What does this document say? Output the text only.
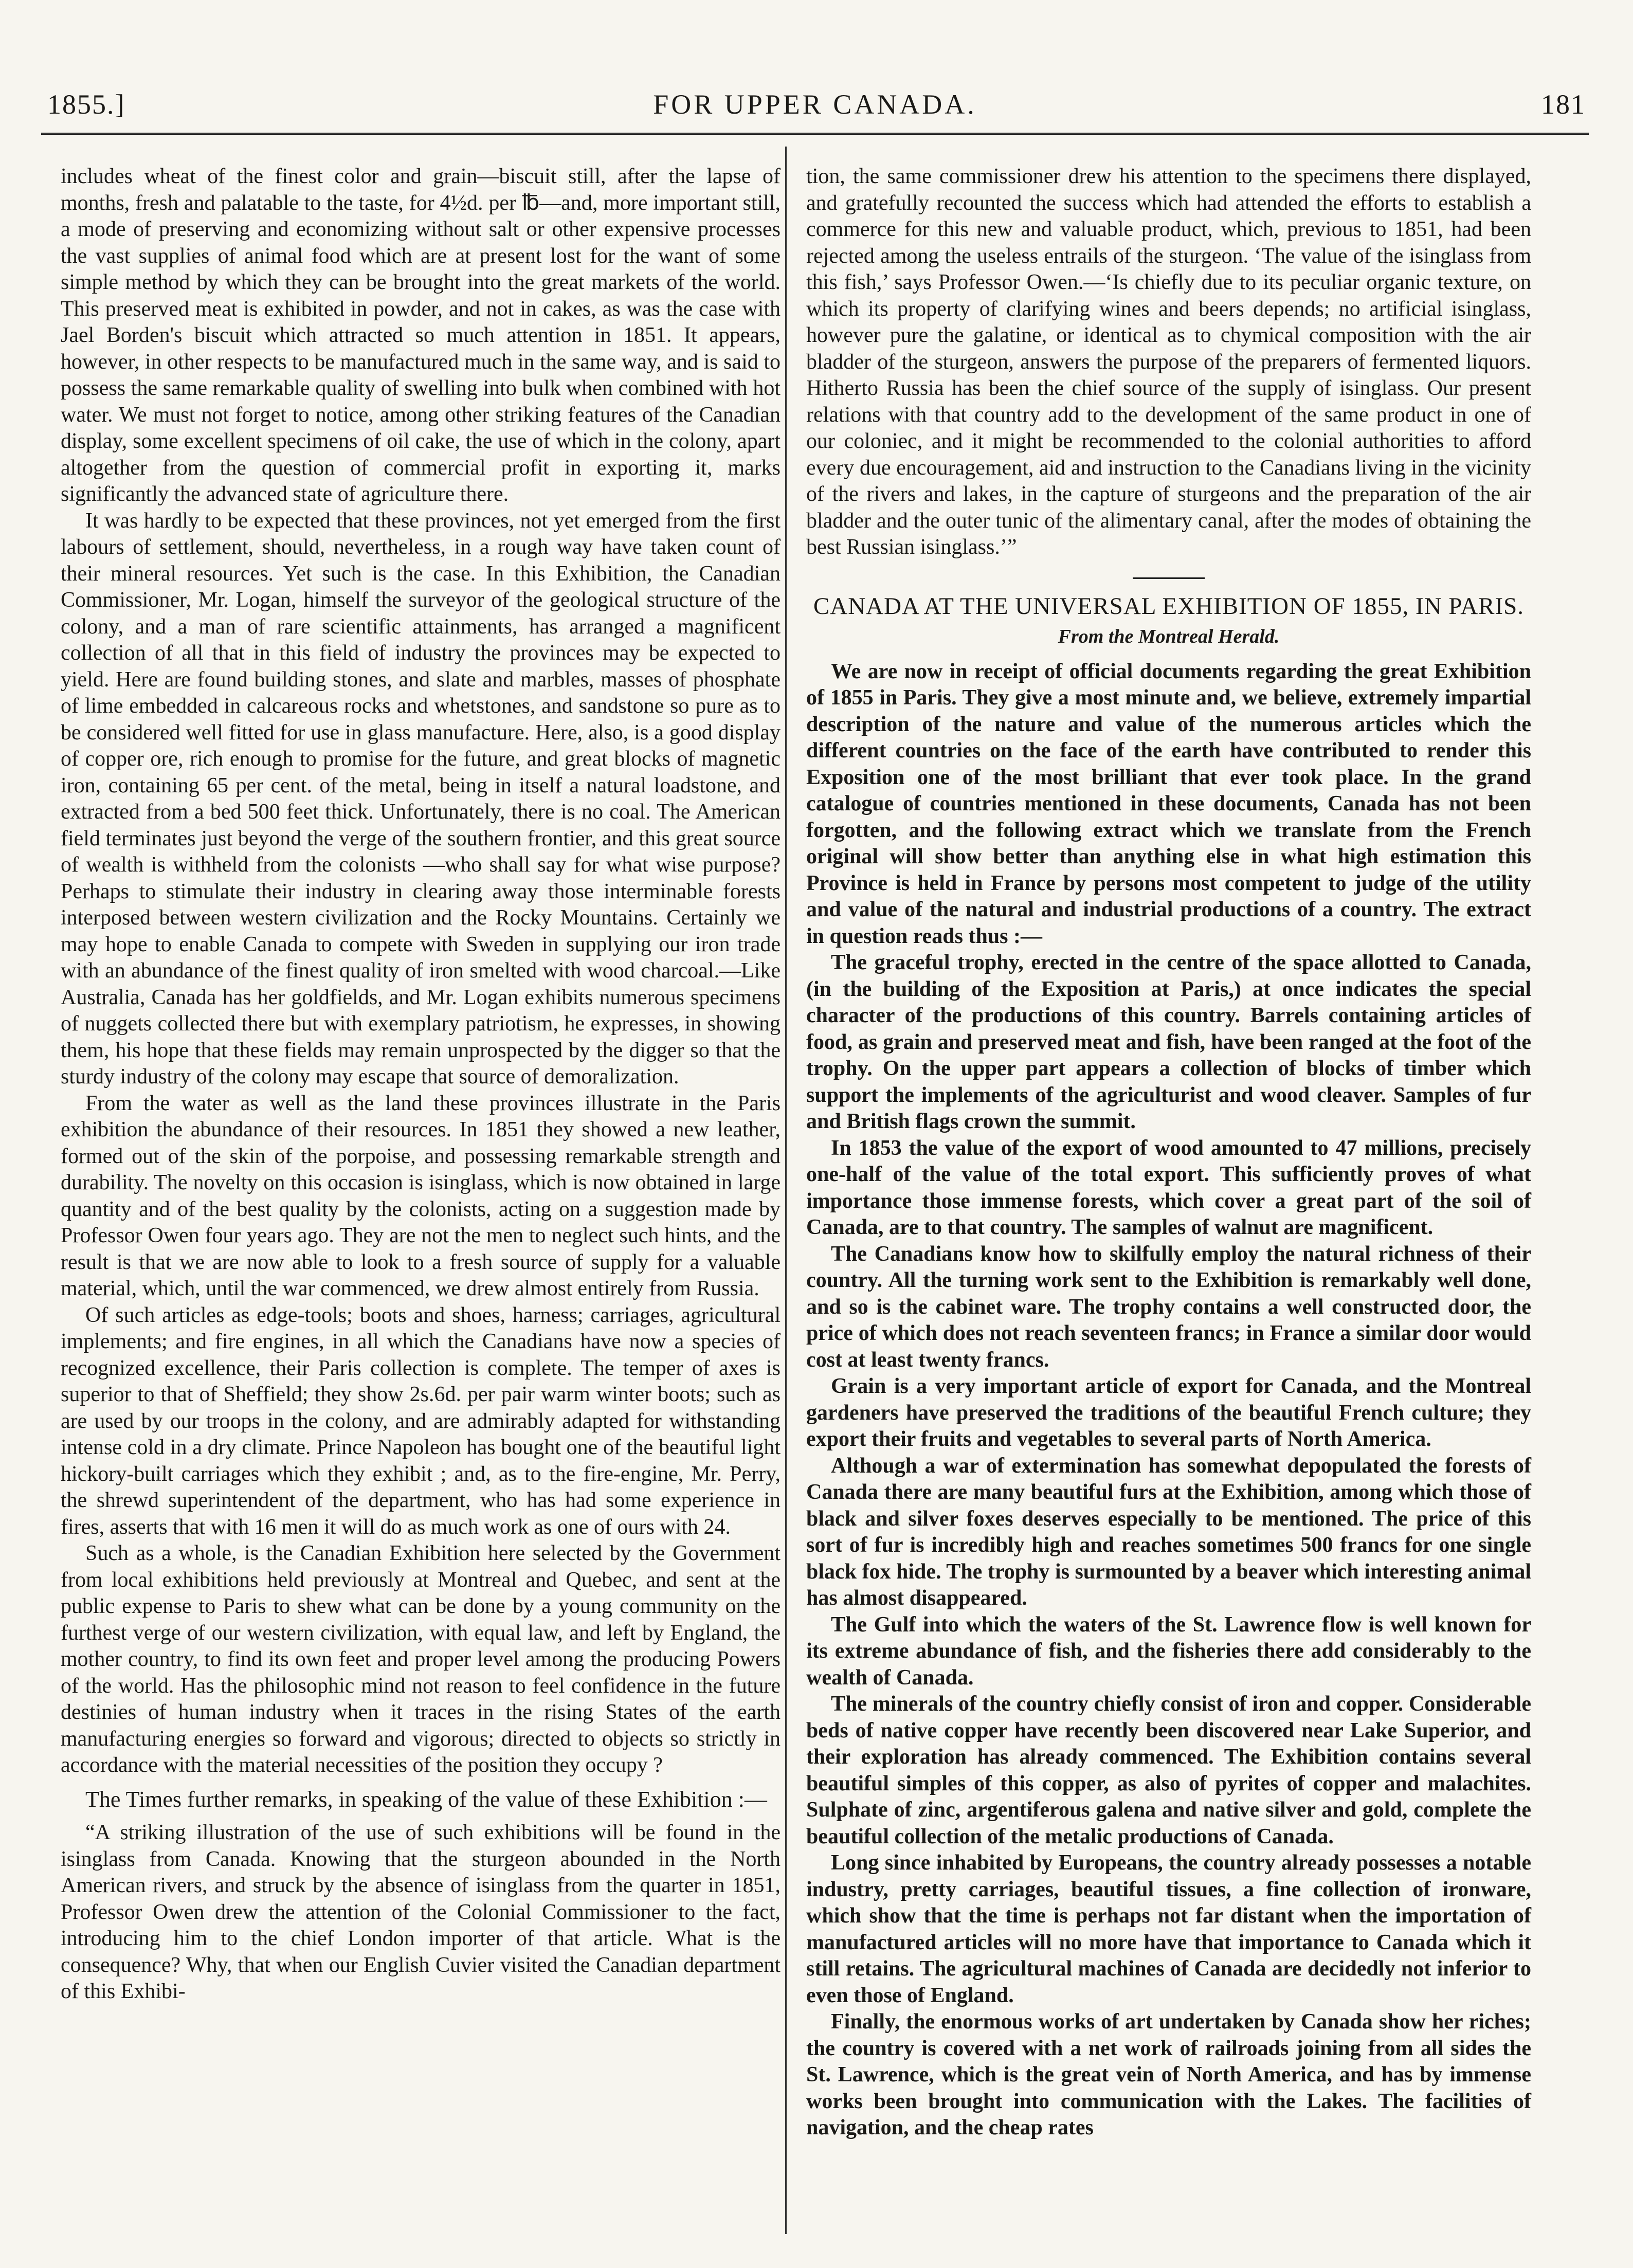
1855.]	FOR UPPER CANADA.	181

includes wheat of the finest color and grain—biscuit still, after the lapse of months, fresh and palatable to the taste, for 4½d. per ℔—and, more important still, a mode of preserving and economizing without salt or other expensive processes the vast supplies of animal food which are at present lost for the want of some simple method by which they can be brought into the great markets of the world. This preserved meat is exhibited in powder, and not in cakes, as was the case with Jael Borden's biscuit which attracted so much attention in 1851. It appears, however, in other respects to be manufactured much in the same way, and is said to possess the same remarkable quality of swelling into bulk when combined with hot water. We must not forget to notice, among other striking features of the Canadian display, some excellent specimens of oil cake, the use of which in the colony, apart altogether from the question of commercial profit in exporting it, marks significantly the advanced state of agriculture there.

It was hardly to be expected that these provinces, not yet emerged from the first labours of settlement, should, nevertheless, in a rough way have taken count of their mineral resources. Yet such is the case. In this Exhibition, the Canadian Commissioner, Mr. Logan, himself the surveyor of the geological structure of the colony, and a man of rare scientific attainments, has arranged a magnificent collection of all that in this field of industry the provinces may be expected to yield. Here are found building stones, and slate and marbles, masses of phosphate of lime embedded in calcareous rocks and whetstones, and sandstone so pure as to be considered well fitted for use in glass manufacture. Here, also, is a good display of copper ore, rich enough to promise for the future, and great blocks of magnetic iron, containing 65 per cent. of the metal, being in itself a natural loadstone, and extracted from a bed 500 feet thick. Unfortunately, there is no coal. The American field terminates just beyond the verge of the southern frontier, and this great source of wealth is withheld from the colonists —who shall say for what wise purpose? Perhaps to stimulate their industry in clearing away those interminable forests interposed between western civilization and the Rocky Mountains. Certainly we may hope to enable Canada to compete with Sweden in supplying our iron trade with an abundance of the finest quality of iron smelted with wood charcoal.—Like Australia, Canada has her goldfields, and Mr. Logan exhibits numerous specimens of nuggets collected there but with exemplary patriotism, he expresses, in showing them, his hope that these fields may remain unprospected by the digger so that the sturdy industry of the colony may escape that source of demoralization.

From the water as well as the land these provinces illustrate in the Paris exhibition the abundance of their resources. In 1851 they showed a new leather, formed out of the skin of the porpoise, and possessing remarkable strength and durability. The novelty on this occasion is isinglass, which is now obtained in large quantity and of the best quality by the colonists, acting on a suggestion made by Professor Owen four years ago. They are not the men to neglect such hints, and the result is that we are now able to look to a fresh source of supply for a valuable material, which, until the war commenced, we drew almost entirely from Russia.

Of such articles as edge-tools; boots and shoes, harness; carriages, agricultural implements; and fire engines, in all which the Canadians have now a species of recognized excellence, their Paris collection is complete. The temper of axes is superior to that of Sheffield; they show 2s.6d. per pair warm winter boots; such as are used by our troops in the colony, and are admirably adapted for withstanding intense cold in a dry climate. Prince Napoleon has bought one of the beautiful light hickory-built carriages which they exhibit ; and, as to the fire-engine, Mr. Perry, the shrewd superintendent of the department, who has had some experience in fires, asserts that with 16 men it will do as much work as one of ours with 24.

Such as a whole, is the Canadian Exhibition here selected by the Government from local exhibitions held previously at Montreal and Quebec, and sent at the public expense to Paris to shew what can be done by a young community on the furthest verge of our western civilization, with equal law, and left by England, the mother country, to find its own feet and proper level among the producing Powers of the world. Has the philosophic mind not reason to feel confidence in the future destinies of human industry when it traces in the rising States of the earth manufacturing energies so forward and vigorous; directed to objects so strictly in accordance with the material necessities of the position they occupy ?

The Times further remarks, in speaking of the value of these Exhibition :—

“A striking illustration of the use of such exhibitions will be found in the isinglass from Canada. Knowing that the sturgeon abounded in the North American rivers, and struck by the absence of isinglass from the quarter in 1851, Professor Owen drew the attention of the Colonial Commissioner to the fact, introducing him to the chief London importer of that article. What is the consequence? Why, that when our English Cuvier visited the Canadian department of this Exhibi-

tion, the same commissioner drew his attention to the specimens there displayed, and gratefully recounted the success which had attended the efforts to establish a commerce for this new and valuable product, which, previous to 1851, had been rejected among the useless entrails of the sturgeon. ‘The value of the isinglass from this fish,’ says Professor Owen.—‘Is chiefly due to its peculiar organic texture, on which its property of clarifying wines and beers depends; no artificial isinglass, however pure the galatine, or identical as to chymical composition with the air bladder of the sturgeon, answers the purpose of the preparers of fermented liquors. Hitherto Russia has been the chief source of the supply of isinglass. Our present relations with that country add to the development of the same product in one of our coloniec, and it might be recommended to the colonial authorities to afford every due encouragement, aid and instruction to the Canadians living in the vicinity of the rivers and lakes, in the capture of sturgeons and the preparation of the air bladder and the outer tunic of the alimentary canal, after the modes of obtaining the best Russian isinglass.’”

CANADA AT THE UNIVERSAL EXHIBITION OF 1855, IN PARIS.

From the Montreal Herald.

We are now in receipt of official documents regarding the great Exhibition of 1855 in Paris. They give a most minute and, we believe, extremely impartial description of the nature and value of the numerous articles which the different countries on the face of the earth have contributed to render this Exposition one of the most brilliant that ever took place. In the grand catalogue of countries mentioned in these documents, Canada has not been forgotten, and the following extract which we translate from the French original will show better than anything else in what high estimation this Province is held in France by persons most competent to judge of the utility and value of the natural and industrial productions of a country. The extract in question reads thus :—

The graceful trophy, erected in the centre of the space allotted to Canada, (in the building of the Exposition at Paris,) at once indicates the special character of the productions of this country. Barrels containing articles of food, as grain and preserved meat and fish, have been ranged at the foot of the trophy. On the upper part appears a collection of blocks of timber which support the implements of the agriculturist and wood cleaver. Samples of fur and British flags crown the summit.

In 1853 the value of the export of wood amounted to 47 millions, precisely one-half of the value of the total export. This sufficiently proves of what importance those immense forests, which cover a great part of the soil of Canada, are to that country. The samples of walnut are magnificent.

The Canadians know how to skilfully employ the natural richness of their country. All the turning work sent to the Exhibition is remarkably well done, and so is the cabinet ware. The trophy contains a well constructed door, the price of which does not reach seventeen francs; in France a similar door would cost at least twenty francs.

Grain is a very important article of export for Canada, and the Montreal gardeners have preserved the traditions of the beautiful French culture; they export their fruits and vegetables to several parts of North America.

Although a war of extermination has somewhat depopulated the forests of Canada there are many beautiful furs at the Exhibition, among which those of black and silver foxes deserves especially to be mentioned. The price of this sort of fur is incredibly high and reaches sometimes 500 francs for one single black fox hide. The trophy is surmounted by a beaver which interesting animal has almost disappeared.

The Gulf into which the waters of the St. Lawrence flow is well known for its extreme abundance of fish, and the fisheries there add considerably to the wealth of Canada.

The minerals of the country chiefly consist of iron and copper. Considerable beds of native copper have recently been discovered near Lake Superior, and their exploration has already commenced. The Exhibition contains several beautiful simples of this copper, as also of pyrites of copper and malachites. Sulphate of zinc, argentiferous galena and native silver and gold, complete the beautiful collection of the metalic productions of Canada.

Long since inhabited by Europeans, the country already possesses a notable industry, pretty carriages, beautiful tissues, a fine collection of ironware, which show that the time is perhaps not far distant when the importation of manufactured articles will no more have that importance to Canada which it still retains. The agricultural machines of Canada are decidedly not inferior to even those of England.

Finally, the enormous works of art undertaken by Canada show her riches; the country is covered with a net work of railroads joining from all sides the St. Lawrence, which is the great vein of North America, and has by immense works been brought into communication with the Lakes. The facilities of navigation, and the cheap rates
